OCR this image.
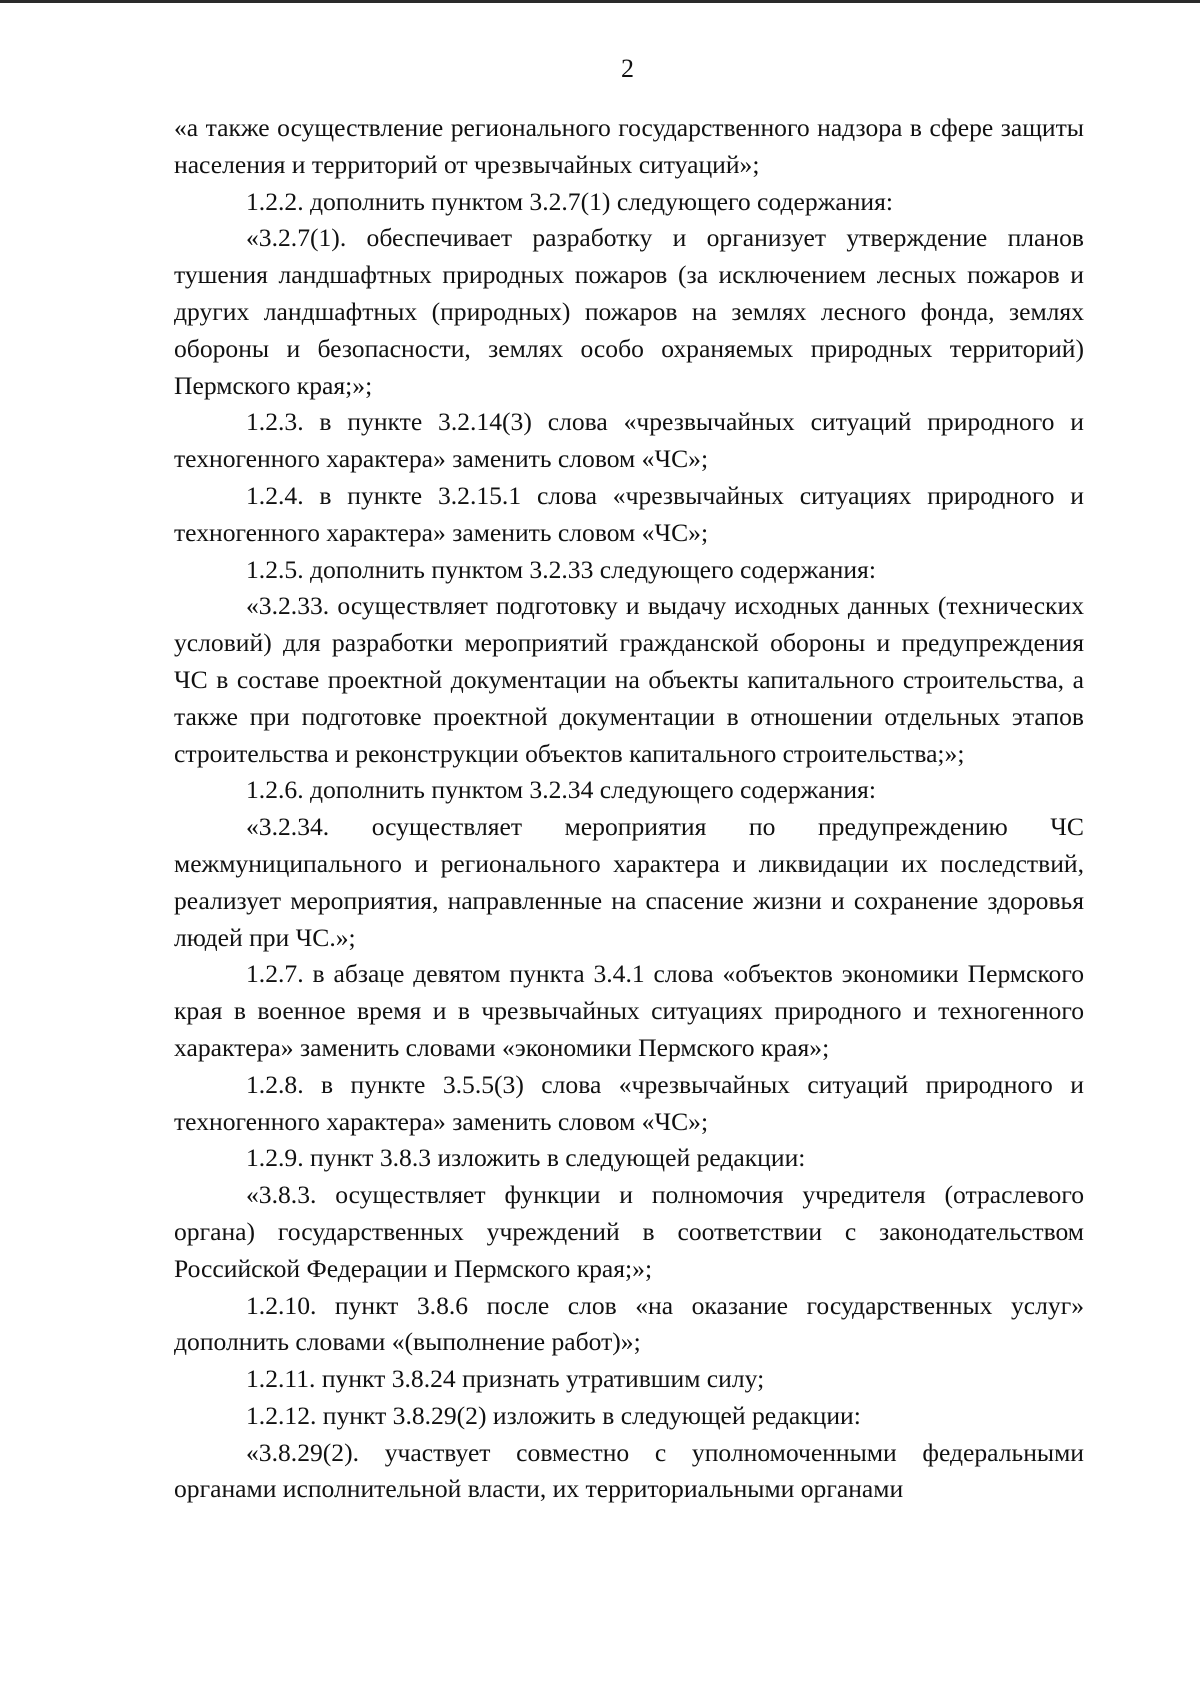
2

«а также осуществление регионального государственного надзора в сфере защиты населения и территорий от чрезвычайных ситуаций»;

1.2.2. дополнить пунктом 3.2.7(1) следующего содержания:

«3.2.7(1). обеспечивает разработку и организует утверждение планов тушения ландшафтных природных пожаров (за исключением лесных пожаров и других ландшафтных (природных) пожаров на землях лесного фонда, землях обороны и безопасности, землях особо охраняемых природных территорий) Пермского края;»;

1.2.3. в пункте 3.2.14(3) слова «чрезвычайных ситуаций природного и техногенного характера» заменить словом «ЧС»;

1.2.4. в пункте 3.2.15.1 слова «чрезвычайных ситуациях природного и техногенного характера» заменить словом «ЧС»;

1.2.5. дополнить пунктом 3.2.33 следующего содержания:

«3.2.33. осуществляет подготовку и выдачу исходных данных (технических условий) для разработки мероприятий гражданской обороны и предупреждения ЧС в составе проектной документации на объекты капитального строительства, а также при подготовке проектной документации в отношении отдельных этапов строительства и реконструкции объектов капитального строительства;»;

1.2.6. дополнить пунктом 3.2.34 следующего содержания:

«3.2.34. осуществляет мероприятия по предупреждению ЧС межмуниципального и регионального характера и ликвидации их последствий, реализует мероприятия, направленные на спасение жизни и сохранение здоровья людей при ЧС.»;

1.2.7. в абзаце девятом пункта 3.4.1 слова «объектов экономики Пермского края в военное время и в чрезвычайных ситуациях природного и техногенного характера» заменить словами «экономики Пермского края»;

1.2.8. в пункте 3.5.5(3) слова «чрезвычайных ситуаций природного и техногенного характера» заменить словом «ЧС»;

1.2.9. пункт 3.8.3 изложить в следующей редакции:

«3.8.3. осуществляет функции и полномочия учредителя (отраслевого органа) государственных учреждений в соответствии с законодательством Российской Федерации и Пермского края;»;

1.2.10. пункт 3.8.6 после слов «на оказание государственных услуг» дополнить словами «(выполнение работ)»;

1.2.11. пункт 3.8.24 признать утратившим силу;

1.2.12. пункт 3.8.29(2) изложить в следующей редакции:

«3.8.29(2). участвует совместно с уполномоченными федеральными органами исполнительной власти, их территориальными органами
